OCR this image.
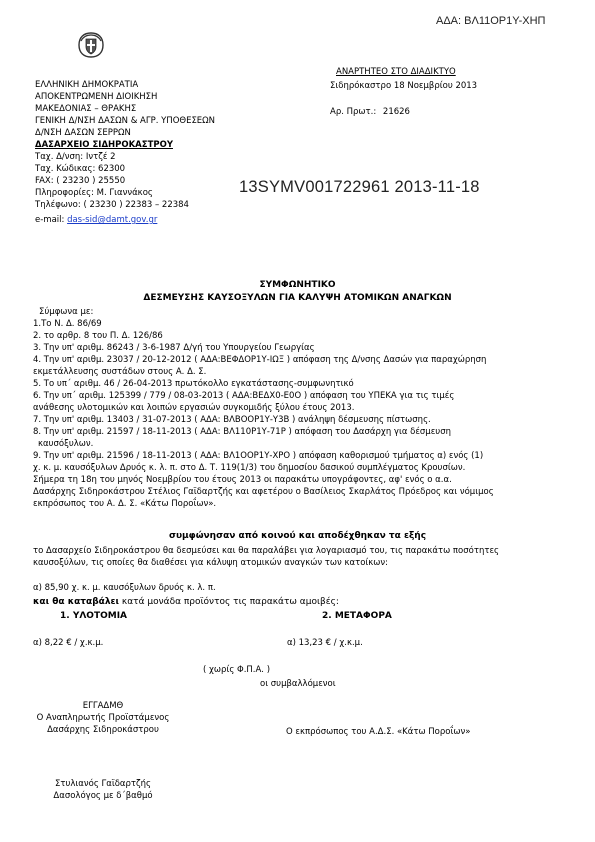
ΑΔΑ: ΒΛ11ΟΡ1Υ-ΧΗΠ
ΕΛΛΗΝΙΚΗ ΔΗΜΟΚΡΑΤΙΑ
ΑΠΟΚΕΝΤΡΩΜΕΝΗ ΔΙΟΙΚΗΣΗ
ΜΑΚΕΔΟΝΙΑΣ – ΘΡΑΚΗΣ
ΓΕΝΙΚΗ Δ/ΝΣΗ ΔΑΣΩΝ & ΑΓΡ. ΥΠΟΘΕΣΕΩΝ
Δ/ΝΣΗ ΔΑΣΩΝ ΣΕΡΡΩΝ
ΔΑΣΑΡΧΕΙΟ ΣΙΔΗΡΟΚΑΣΤΡΟΥ
Ταχ. Δ/νση: Ιντζέ 2
Ταχ. Κώδικας: 62300
FAX: ( 23230 ) 25550
Πληροφορίες: Μ. Γιαννάκος
Τηλέφωνο: ( 23230 ) 22383 – 22384
e-mail: das-sid@damt.gov.gr
ΑΝΑΡΤΗΤΕΟ ΣΤΟ ΔΙΑΔΙΚΤΥΟ
Σιδηρόκαστρο 18 Νοεμβρίου 2013
Αρ. Πρωτ.: 21626
13SYMV001722961 2013-11-18
ΣΥΜΦΩΝΗΤΙΚΟ
ΔΕΣΜΕΥΣΗΣ ΚΑΥΣΟΞΥΛΩΝ ΓΙΑ ΚΑΛΥΨΗ ΑΤΟΜΙΚΩΝ ΑΝΑΓΚΩΝ
Σύμφωνα με:
1.Το Ν. Δ. 86/69
2. το αρθρ. 8 του Π. Δ. 126/86
3. Την υπ' αριθμ. 86243 / 3-6-1987 Δ/γή του Υπουργείου Γεωργίας
4. Την υπ' αριθμ. 23037 / 20-12-2012 ( ΑΔΑ:ΒΕΦΔΟΡ1Υ-ΙΩΞ ) απόφαση της Δ/νσης Δασών για παραχώρηση
εκμετάλλευσης συστάδων στους Α. Δ. Σ.
5. Το υπ΄ αριθμ. 46 / 26-04-2013 πρωτόκολλο εγκατάστασης-συμφωνητικό
6. Την υπ΄ αριθμ. 125399 / 779 / 08-03-2013 ( ΑΔΑ:ΒΕΔΧ0-Ε0Ο ) απόφαση του ΥΠΕΚΑ για τις τιμές
ανάθεσης υλοτομικών και λοιπών εργασιών συγκομιδής ξύλου έτους 2013.
7. Την υπ' αριθμ. 13403 / 31-07-2013 ( ΑΔΑ: ΒΛΒΟΟΡ1Υ-Υ3Β ) ανάληψη δέσμευσης πίστωσης.
8. Την υπ' αριθμ. 21597 / 18-11-2013 ( ΑΔΑ: ΒΛ110Ρ1Υ-71Ρ ) απόφαση του Δασάρχη για δέσμευση
καυσόξυλων.
9. Την υπ' αριθμ. 21596 / 18-11-2013 ( ΑΔΑ: ΒΛ1ΟΟΡ1Υ-ΧΡΟ ) απόφαση καθορισμού τμήματος α) ενός (1)
χ. κ. μ. καυσόξυλων Δρυός κ. λ. π. στο Δ. Τ. 119(1/3) του δημοσίου δασικού συμπλέγματος Κρουσίων.
Σήμερα τη 18η του μηνός Νοεμβρίου του έτους 2013 οι παρακάτω υπογράφοντες, αφ' ενός ο α.α.
Δασάρχης Σιδηροκάστρου Στέλιος Γαϊδαρτζής και αφετέρου ο Βασίλειος Σκαρλάτος Πρόεδρος και νόμιμος
εκπρόσωπος του Α. Δ. Σ. «Κάτω Ποροΐων».
συμφώνησαν από κοινού και αποδέχθηκαν τα εξής
το Δασαρχείο Σιδηροκάστρου θα δεσμεύσει και θα παραλάβει για λογαριασμό του, τις παρακάτω ποσότητες
καυσοξύλων, τις οποίες θα διαθέσει για κάλυψη ατομικών αναγκών των κατοίκων:
α) 85,90 χ. κ. μ. καυσόξυλων δρυός κ. λ. π.
και θα καταβάλει κατά μονάδα προϊόντος τις παρακάτω αμοιβές:
1. ΥΛΟΤΟΜΙΑ	2. ΜΕΤΑΦΟΡΑ
α) 8,22 € / χ.κ.μ.	α) 13,23 € / χ.κ.μ.
( χωρίς Φ.Π.Α. )
οι συμβαλλόμενοι
ΕΓΓΑΔΜΘ
Ο Αναπληρωτής Προϊστάμενος
Δασάρχης Σιδηροκάστρου	Ο εκπρόσωπος του Α.Δ.Σ. «Κάτω Ποροΐων»
Στυλιανός Γαϊδαρτζής
Δασολόγος με δ΄βαθμό
